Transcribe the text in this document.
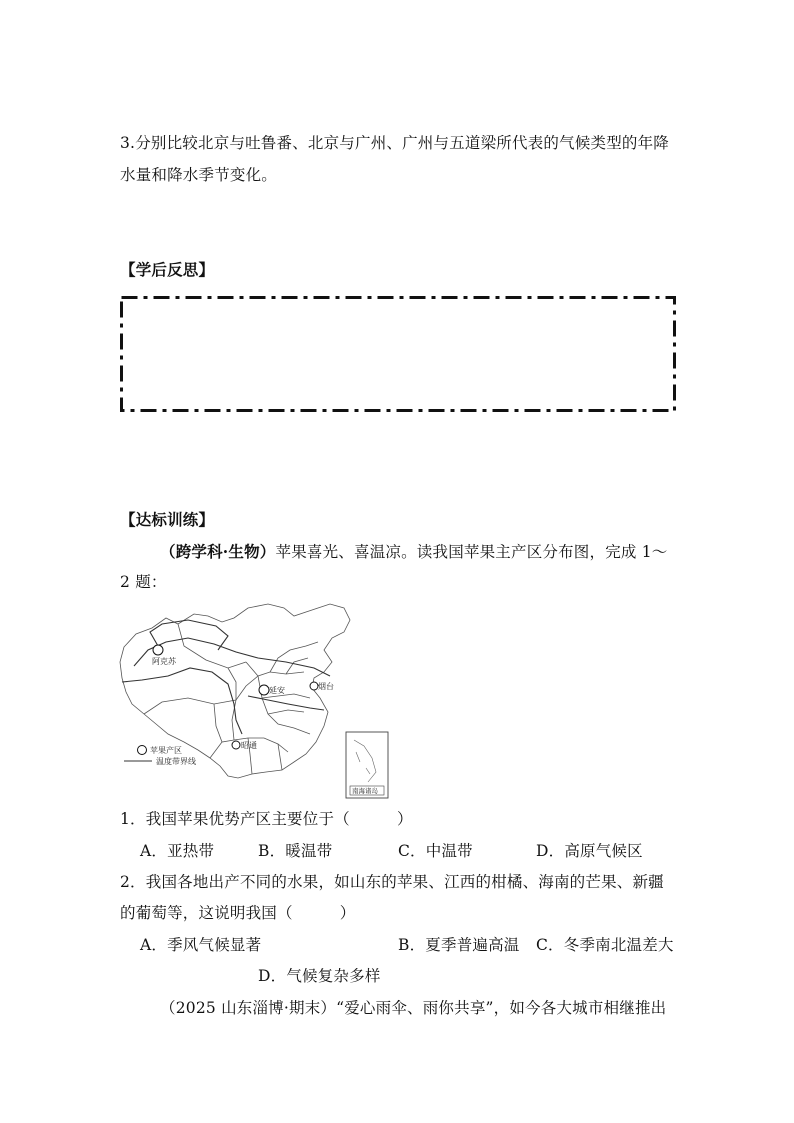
3.分别比较北京与吐鲁番、北京与广州、广州与五道梁所代表的气候类型的年降
水量和降水季节变化。
【学后反思】
【达标训练】
（跨学科·生物）苹果喜光、喜温凉。读我国苹果主产区分布图，完成 1～
2 题：
阿克苏
延安	烟台
昭通
苹果产区
温度带界线
南海诸岛
1．我国苹果优势产区主要位于（　　　）
A．亚热带	B．暖温带	C．中温带	D．高原气候区
2．我国各地出产不同的水果，如山东的苹果、江西的柑橘、海南的芒果、新疆
的葡萄等，这说明我国（　　　）
A．季风气候显著	B．夏季普遍高温 C．冬季南北温差大
D．气候复杂多样
（2025 山东淄博·期末）“爱心雨伞、雨你共享”，如今各大城市相继推出
